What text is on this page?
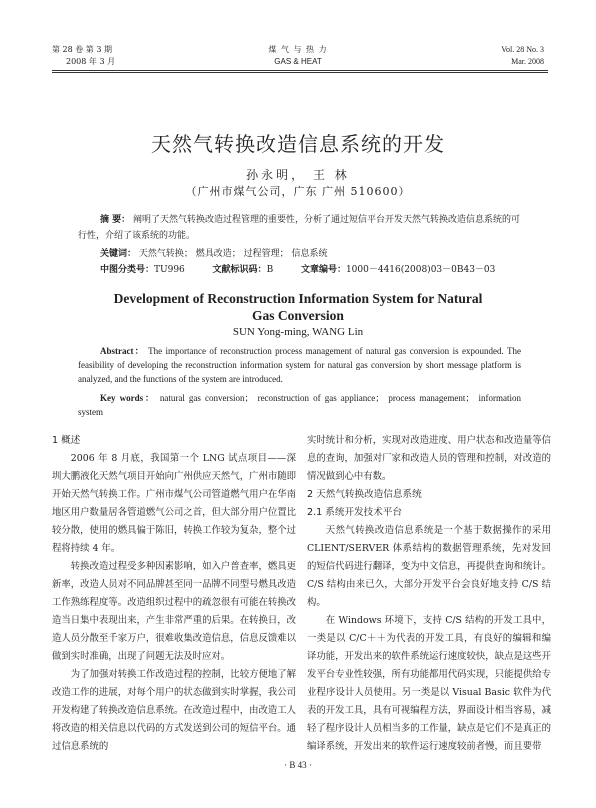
第 28 卷 第 3 期
2008 年 3 月
煤 气 与 热 力
GAS & HEAT
Vol. 28 No. 3
Mar. 2008
天然气转换改造信息系统的开发
孙永明， 王 林
（广州市煤气公司，广东 广州 510600）
摘 要： 阐明了天然气转换改造过程管理的重要性，分析了通过短信平台开发天然气转换改造信息系统的可行性，介绍了该系统的功能。
关键词： 天然气转换； 燃具改造； 过程管理； 信息系统
中图分类号：TU996	文献标识码：B	文章编号：1000－4416(2008)03－0B43－03
Development of Reconstruction Information System for Natural
Gas Conversion
SUN Yong-ming, WANG Lin
Abstract： The importance of reconstruction process management of natural gas conversion is expounded. The feasibility of developing the reconstruction information system for natural gas conversion by short message platform is analyzed, and the functions of the system are introduced.
Key words： natural gas conversion； reconstruction of gas appliance； process management； information system

1 概述

2006 年 8 月底，我国第一个 LNG 试点项目——深圳大鹏液化天然气项目开始向广州供应天然气，广州市随即开始天然气转换工作。广州市煤气公司管道燃气用户在华南地区用户数量居各管道燃气公司之首，但大部分用户位置比较分散，使用的燃具偏于陈旧，转换工作较为复杂，整个过程将持续 4 年。

转换改造过程受多种因素影响，如入户普查率，燃具更新率，改造人员对不同品牌甚至同一品牌不同型号燃具改造工作熟练程度等。改造组织过程中的疏忽很有可能在转换改造当日集中表现出来，产生非常严重的后果。在转换日，改造人员分散至千家万户，很难收集改造信息，信息反馈难以做到实时准确，出现了问题无法及时应对。

为了加强对转换工作改造过程的控制，比较方便地了解改造工作的进展，对每个用户的状态做到实时掌握，我公司开发构建了转换改造信息系统。在改造过程中，由改造工人将改造的相关信息以代码的方式发送到公司的短信平台。通过信息系统的

实时统计和分析，实现对改造进度、用户状态和改造量等信息的查询，加强对厂家和改造人员的管理和控制，对改造的情况做到心中有数。

2 天然气转换改造信息系统

2.1 系统开发技术平台

天然气转换改造信息系统是一个基于数据操作的采用 CLIENT/SERVER 体系结构的数据管理系统，先对发回的短信代码进行翻译，变为中文信息，再提供查询和统计。C/S 结构由来已久，大部分开发平台会良好地支持 C/S 结构。

在 Windows 环境下，支持 C/S 结构的开发工具中，一类是以 C/C＋＋为代表的开发工具，有良好的编辑和编译功能，开发出来的软件系统运行速度较快，缺点是这些开发平台专业性较强，所有功能都用代码实现，只能提供给专业程序设计人员使用。另一类是以 Visual Basic 软件为代表的开发工具，具有可视编程方法，界面设计相当容易，减轻了程序设计人员相当多的工作量，缺点是它们不是真正的编译系统，开发出来的软件运行速度较前者慢，而且要带

· B 43 ·
